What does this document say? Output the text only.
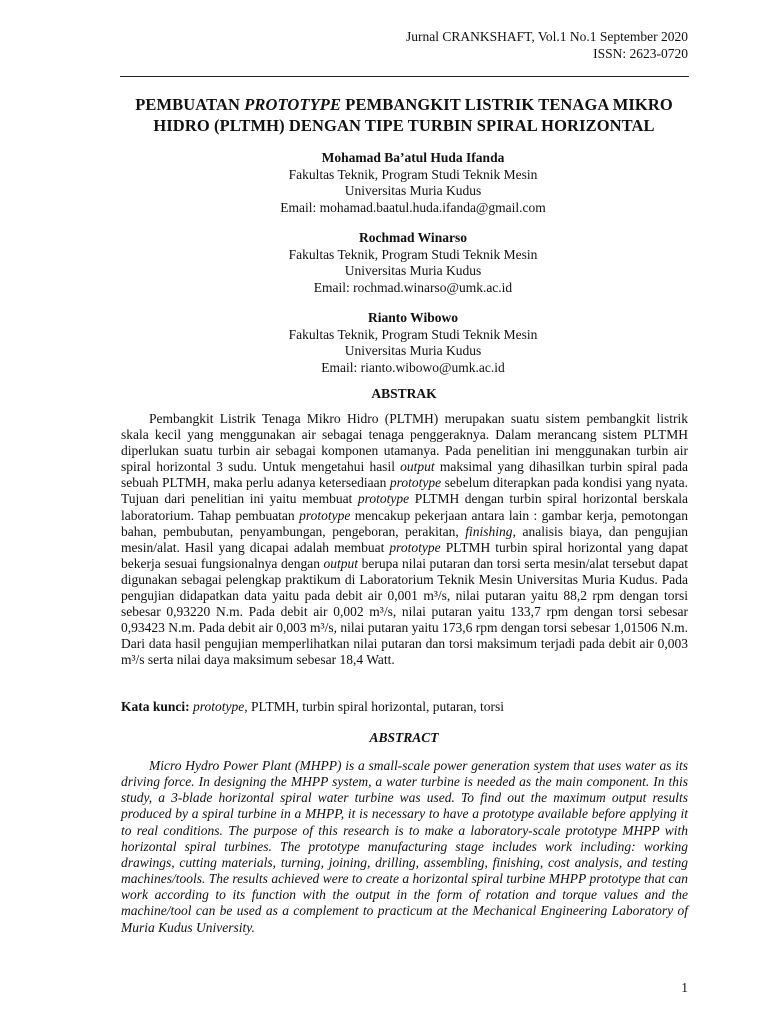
Jurnal CRANKSHAFT, Vol.1 No.1 September 2020
ISSN: 2623-0720
PEMBUATAN PROTOTYPE PEMBANGKIT LISTRIK TENAGA MIKRO
HIDRO (PLTMH) DENGAN TIPE TURBIN SPIRAL HORIZONTAL
Mohamad Ba’atul Huda Ifanda
Fakultas Teknik, Program Studi Teknik Mesin
Universitas Muria Kudus
Email: mohamad.baatul.huda.ifanda@gmail.com
Rochmad Winarso
Fakultas Teknik, Program Studi Teknik Mesin
Universitas Muria Kudus
Email: rochmad.winarso@umk.ac.id
Rianto Wibowo
Fakultas Teknik, Program Studi Teknik Mesin
Universitas Muria Kudus
Email: rianto.wibowo@umk.ac.id
ABSTRAK
Pembangkit Listrik Tenaga Mikro Hidro (PLTMH) merupakan suatu sistem pembangkit listrik skala kecil yang menggunakan air sebagai tenaga penggeraknya. Dalam merancang sistem PLTMH diperlukan suatu turbin air sebagai komponen utamanya. Pada penelitian ini menggunakan turbin air spiral horizontal 3 sudu. Untuk mengetahui hasil output maksimal yang dihasilkan turbin spiral pada sebuah PLTMH, maka perlu adanya ketersediaan prototype sebelum diterapkan pada kondisi yang nyata. Tujuan dari penelitian ini yaitu membuat prototype PLTMH dengan turbin spiral horizontal berskala laboratorium. Tahap pembuatan prototype mencakup pekerjaan antara lain : gambar kerja, pemotongan bahan, pembubutan, penyambungan, pengeboran, perakitan, finishing, analisis biaya, dan pengujian mesin/alat. Hasil yang dicapai adalah membuat prototype PLTMH turbin spiral horizontal yang dapat bekerja sesuai fungsionalnya dengan output berupa nilai putaran dan torsi serta mesin/alat tersebut dapat digunakan sebagai pelengkap praktikum di Laboratorium Teknik Mesin Universitas Muria Kudus. Pada pengujian didapatkan data yaitu pada debit air 0,001 m³/s, nilai putaran yaitu 88,2 rpm dengan torsi sebesar 0,93220 N.m. Pada debit air 0,002 m³/s, nilai putaran yaitu 133,7 rpm dengan torsi sebesar 0,93423 N.m. Pada debit air 0,003 m³/s, nilai putaran yaitu 173,6 rpm dengan torsi sebesar 1,01506 N.m. Dari data hasil pengujian memperlihatkan nilai putaran dan torsi maksimum terjadi pada debit air 0,003 m³/s serta nilai daya maksimum sebesar 18,4 Watt.
Kata kunci: prototype, PLTMH, turbin spiral horizontal, putaran, torsi
ABSTRACT
Micro Hydro Power Plant (MHPP) is a small-scale power generation system that uses water as its driving force. In designing the MHPP system, a water turbine is needed as the main component. In this study, a 3-blade horizontal spiral water turbine was used. To find out the maximum output results produced by a spiral turbine in a MHPP, it is necessary to have a prototype available before applying it to real conditions. The purpose of this research is to make a laboratory-scale prototype MHPP with horizontal spiral turbines. The prototype manufacturing stage includes work including: working drawings, cutting materials, turning, joining, drilling, assembling, finishing, cost analysis, and testing machines/tools. The results achieved were to create a horizontal spiral turbine MHPP prototype that can work according to its function with the output in the form of rotation and torque values and the machine/tool can be used as a complement to practicum at the Mechanical Engineering Laboratory of Muria Kudus University.
1
